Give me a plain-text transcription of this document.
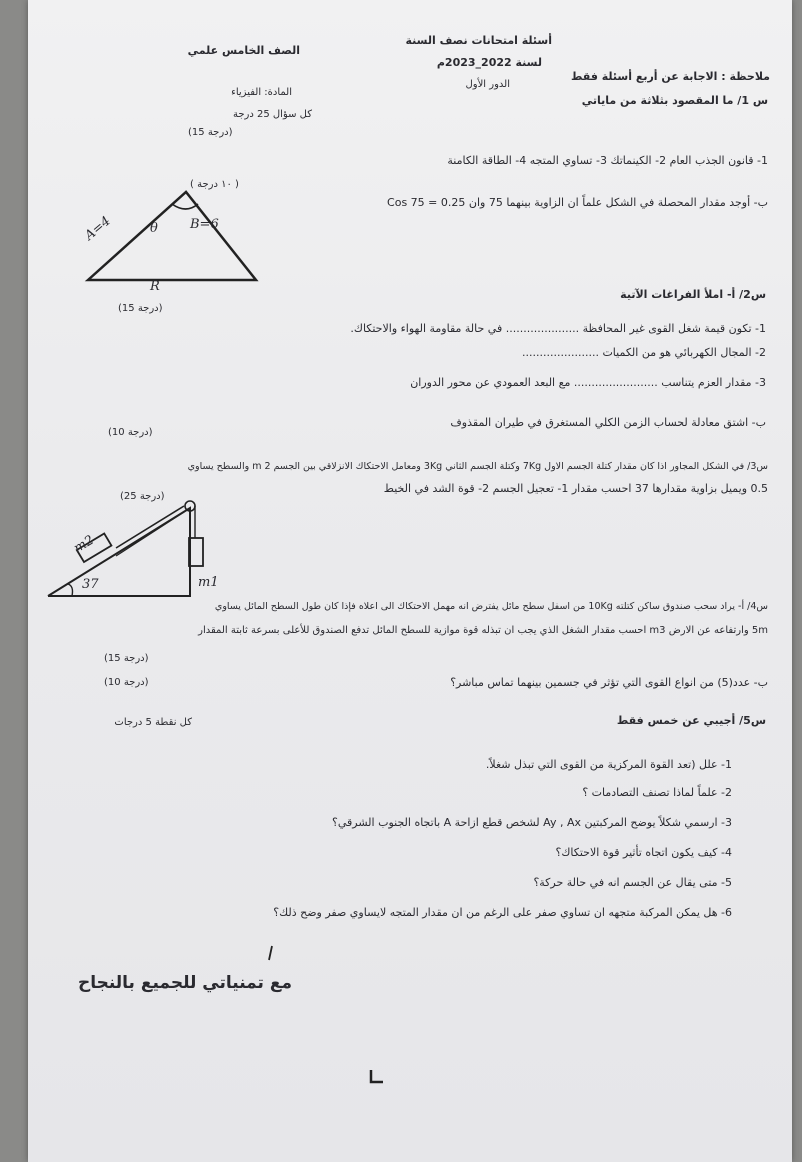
أسئلة امتحانات نصف السنة
لسنة 2022_2023م
الدور الأول
الصف الخامس علمي
المادة: الفيزياء
كل سؤال 25 درجة
ملاحظة : الاجابة عن أربع أسئلة فقط
س 1/ ما المقصود بثلاثة من ماياتي
(15 درجة)
1- قانون الجذب العام 2- الكينماتك 3- تساوي المتجه 4- الطاقة الكامنة
ب- أوجد مقدار المحصلة في الشكل علماً ان الزاوية بينهما 75 وان Cos 75 = 0.25
( ١٠ درجة )
A=4	B=6
θ
R
(15 درجة)
س2/ أ- املأ الفراغات الآتية
1- تكون قيمة شغل القوى غير المحافظة ..................... في حالة مقاومة الهواء والاحتكاك.
2- المجال الكهربائي هو من الكميات ......................
3- مقدار العزم يتناسب ........................ مع البعد العمودي عن محور الدوران
ب- اشتق معادلة لحساب الزمن الكلي المستغرق في طيران المقذوف
(10 درجة)
س3/ في الشكل المجاور اذا كان مقدار كتلة الجسم الاول 7Kg وكتلة الجسم الثاني 3Kg ومعامل الاحتكاك الانزلاقي بين الجسم 2 m والسطح يساوي
0.5 ويميل بزاوية مقدارها 37 احسب مقدار 1- تعجيل الجسم 2- قوة الشد في الخيط
(25 درجة)
m2
m1
37
س4/ أ- يراد سحب صندوق ساكن كتلته 10Kg من اسفل سطح مائل يفترض انه مهمل الاحتكاك الى اعلاه فإذا كان طول السطح المائل يساوي
5m وارتفاعه عن الارض m3 احسب مقدار الشغل الذي يجب ان تبذله قوة موازية للسطح المائل تدفع الصندوق للأعلى بسرعة ثابتة المقدار
(15 درجة)
ب- عدد(5) من انواع القوى التي تؤثر في جسمين بينهما تماس مباشر؟
(10 درجة)
س5/ أجيبي عن خمس فقط
كل نقطة 5 درجات
1- علل (تعد القوة المركزية من القوى التي تبذل شغلاً.
2- علماً لماذا تصنف التصادمات ؟
3- ارسمي شكلاً يوضح المركبتين Ay , Ax لشخص قطع ازاحة A باتجاه الجنوب الشرقي؟
4- كيف يكون اتجاه تأثير قوة الاحتكاك؟
5- متى يقال عن الجسم انه في حالة حركة؟
6- هل يمكن المركبة متجهه ان تساوي صفر على الرغم من ان مقدار المتجه لايساوي صفر وضح ذلك؟
مع تمنياتي للجميع بالنجاح
